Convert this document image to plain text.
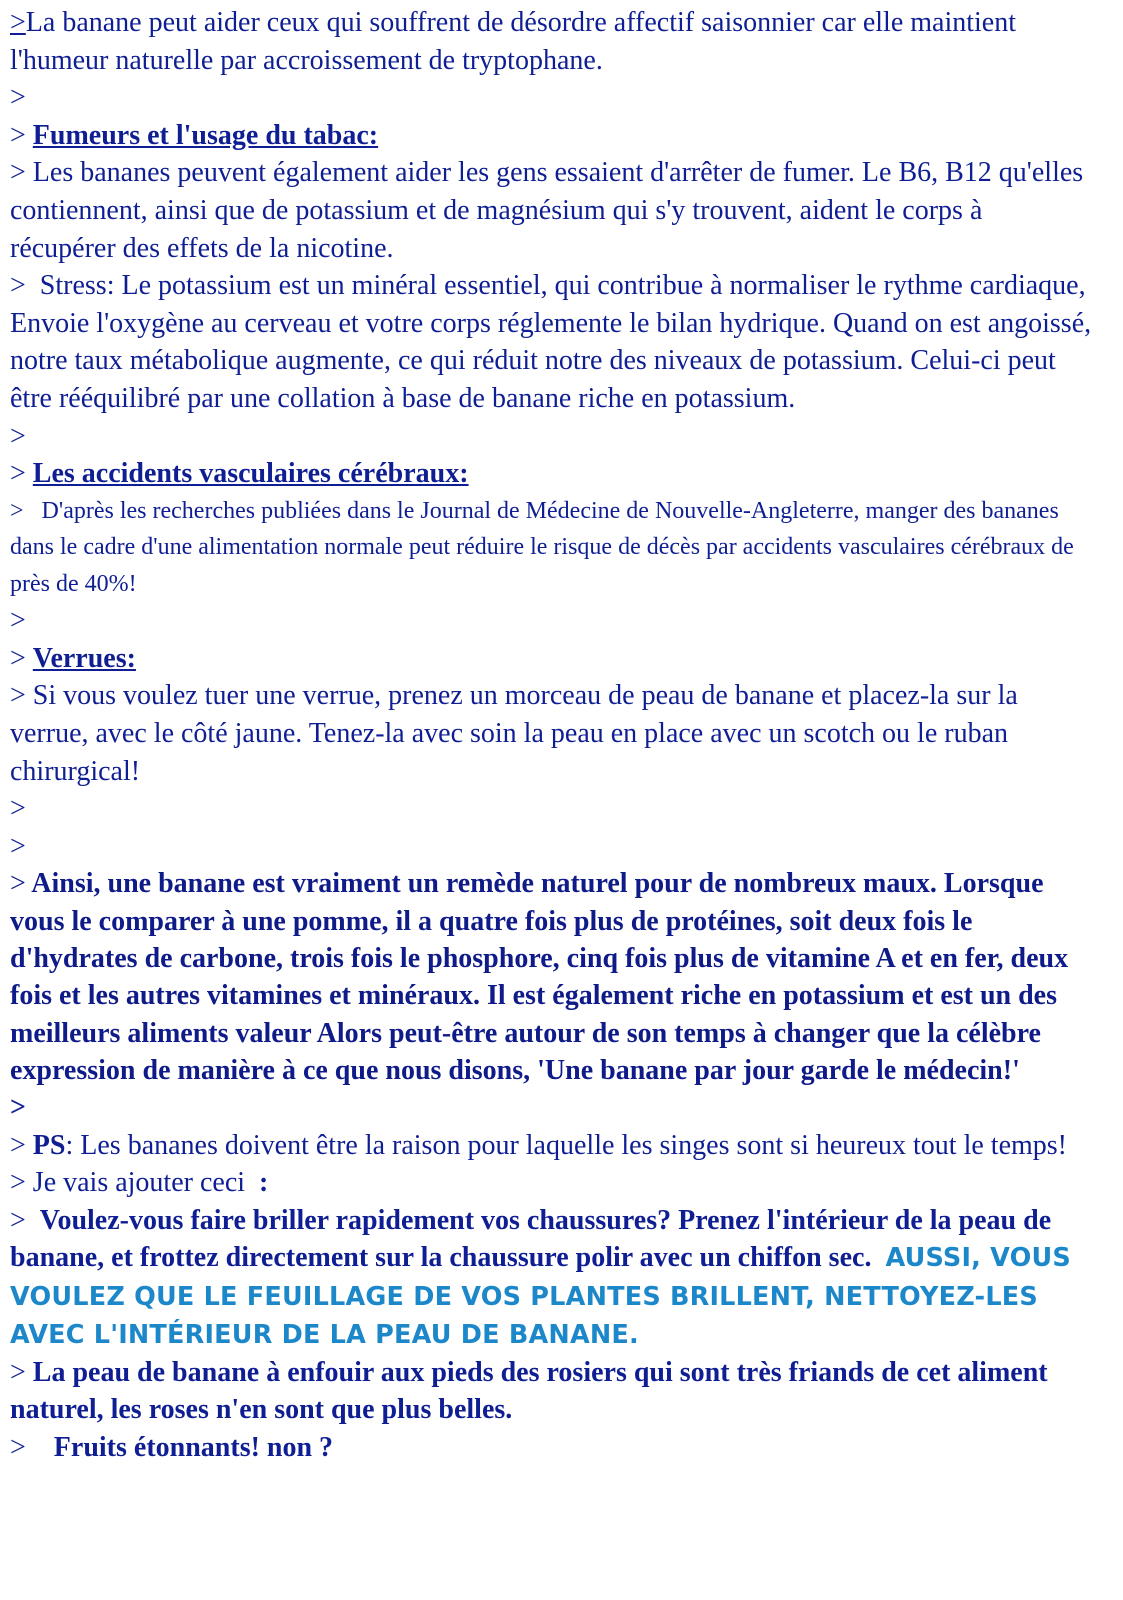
>La banane peut aider ceux qui souffrent de désordre affectif saisonnier car elle maintient l'humeur naturelle par accroissement de tryptophane.

>

> Fumeurs et l'usage du tabac:

> Les bananes peuvent également aider les gens essaient d'arrêter de fumer. Le B6, B12 qu'elles contiennent, ainsi que de potassium et de magnésium qui s'y trouvent, aident le corps à récupérer des effets de la nicotine.

> Stress: Le potassium est un minéral essentiel, qui contribue à normaliser le rythme cardiaque, Envoie l'oxygène au cerveau et votre corps réglemente le bilan hydrique. Quand on est angoissé, notre taux métabolique augmente, ce qui réduit notre des niveaux de potassium. Celui-ci peut être rééquilibré par une collation à base de banane riche en potassium.

>

> Les accidents vasculaires cérébraux:

> D'après les recherches publiées dans le Journal de Médecine de Nouvelle-Angleterre, manger des bananes dans le cadre d'une alimentation normale peut réduire le risque de décès par accidents vasculaires cérébraux de près de 40%!

>

> Verrues:

> Si vous voulez tuer une verrue, prenez un morceau de peau de banane et placez-la sur la verrue, avec le côté jaune. Tenez-la avec soin la peau en place avec un scotch ou le ruban chirurgical!

>

>

> Ainsi, une banane est vraiment un remède naturel pour de nombreux maux. Lorsque vous le comparer à une pomme, il a quatre fois plus de protéines, soit deux fois le d'hydrates de carbone, trois fois le phosphore, cinq fois plus de vitamine A et en fer, deux fois et les autres vitamines et minéraux. Il est également riche en potassium et est un des meilleurs aliments valeur Alors peut-être autour de son temps à changer que la célèbre expression de manière à ce que nous disons, 'Une banane par jour garde le médecin!'

>

> PS: Les bananes doivent être la raison pour laquelle les singes sont si heureux tout le temps!

> Je vais ajouter ceci :

> Voulez-vous faire briller rapidement vos chaussures? Prenez l'intérieur de la peau de banane, et frottez directement sur la chaussure polir avec un chiffon sec. AUSSI, VOUS VOULEZ QUE LE FEUILLAGE DE VOS PLANTES BRILLENT, NETTOYEZ-LES AVEC L'INTÉRIEUR DE LA PEAU DE BANANE.

> La peau de banane à enfouir aux pieds des rosiers qui sont très friands de cet aliment naturel, les roses n'en sont que plus belles.

> Fruits étonnants! non ?
